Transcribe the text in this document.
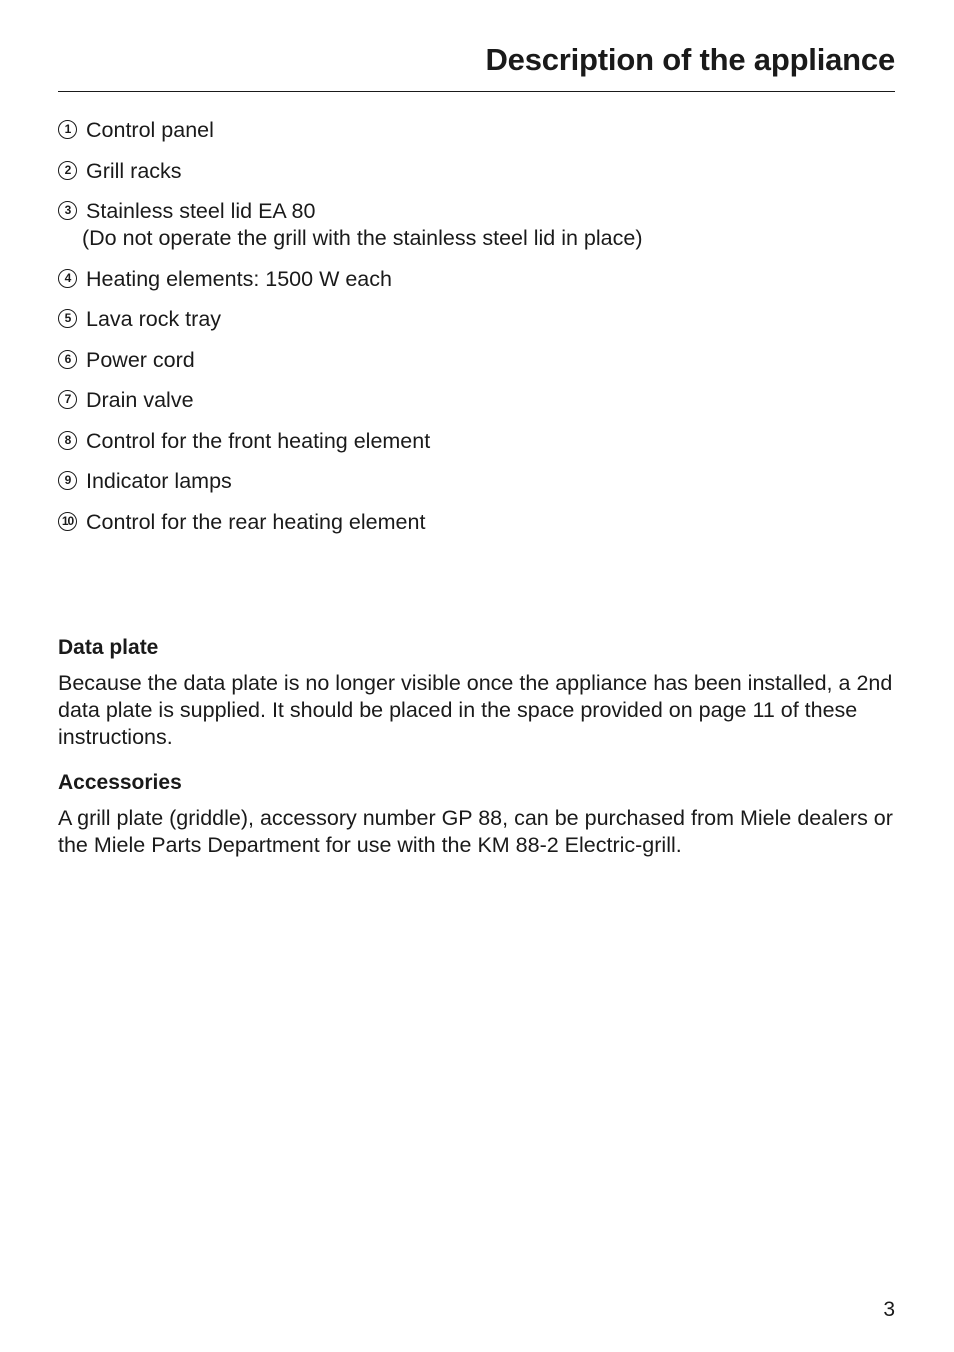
Description of the appliance
1 Control panel
2 Grill racks
3 Stainless steel lid EA 80
(Do not operate the grill with the stainless steel lid in place)
4 Heating elements: 1500 W each
5 Lava rock tray
6 Power cord
7 Drain valve
8 Control for the front heating element
9 Indicator lamps
10 Control for the rear heating element
Data plate

Because the data plate is no longer visible once the appliance has been installed, a 2nd data plate is supplied. It should be placed in the space provided on page 11 of these instructions.

Accessories

A grill plate (griddle), accessory number GP 88, can be purchased from Miele dealers or the Miele Parts Department for use with the KM 88-2 Electric-grill.

3
